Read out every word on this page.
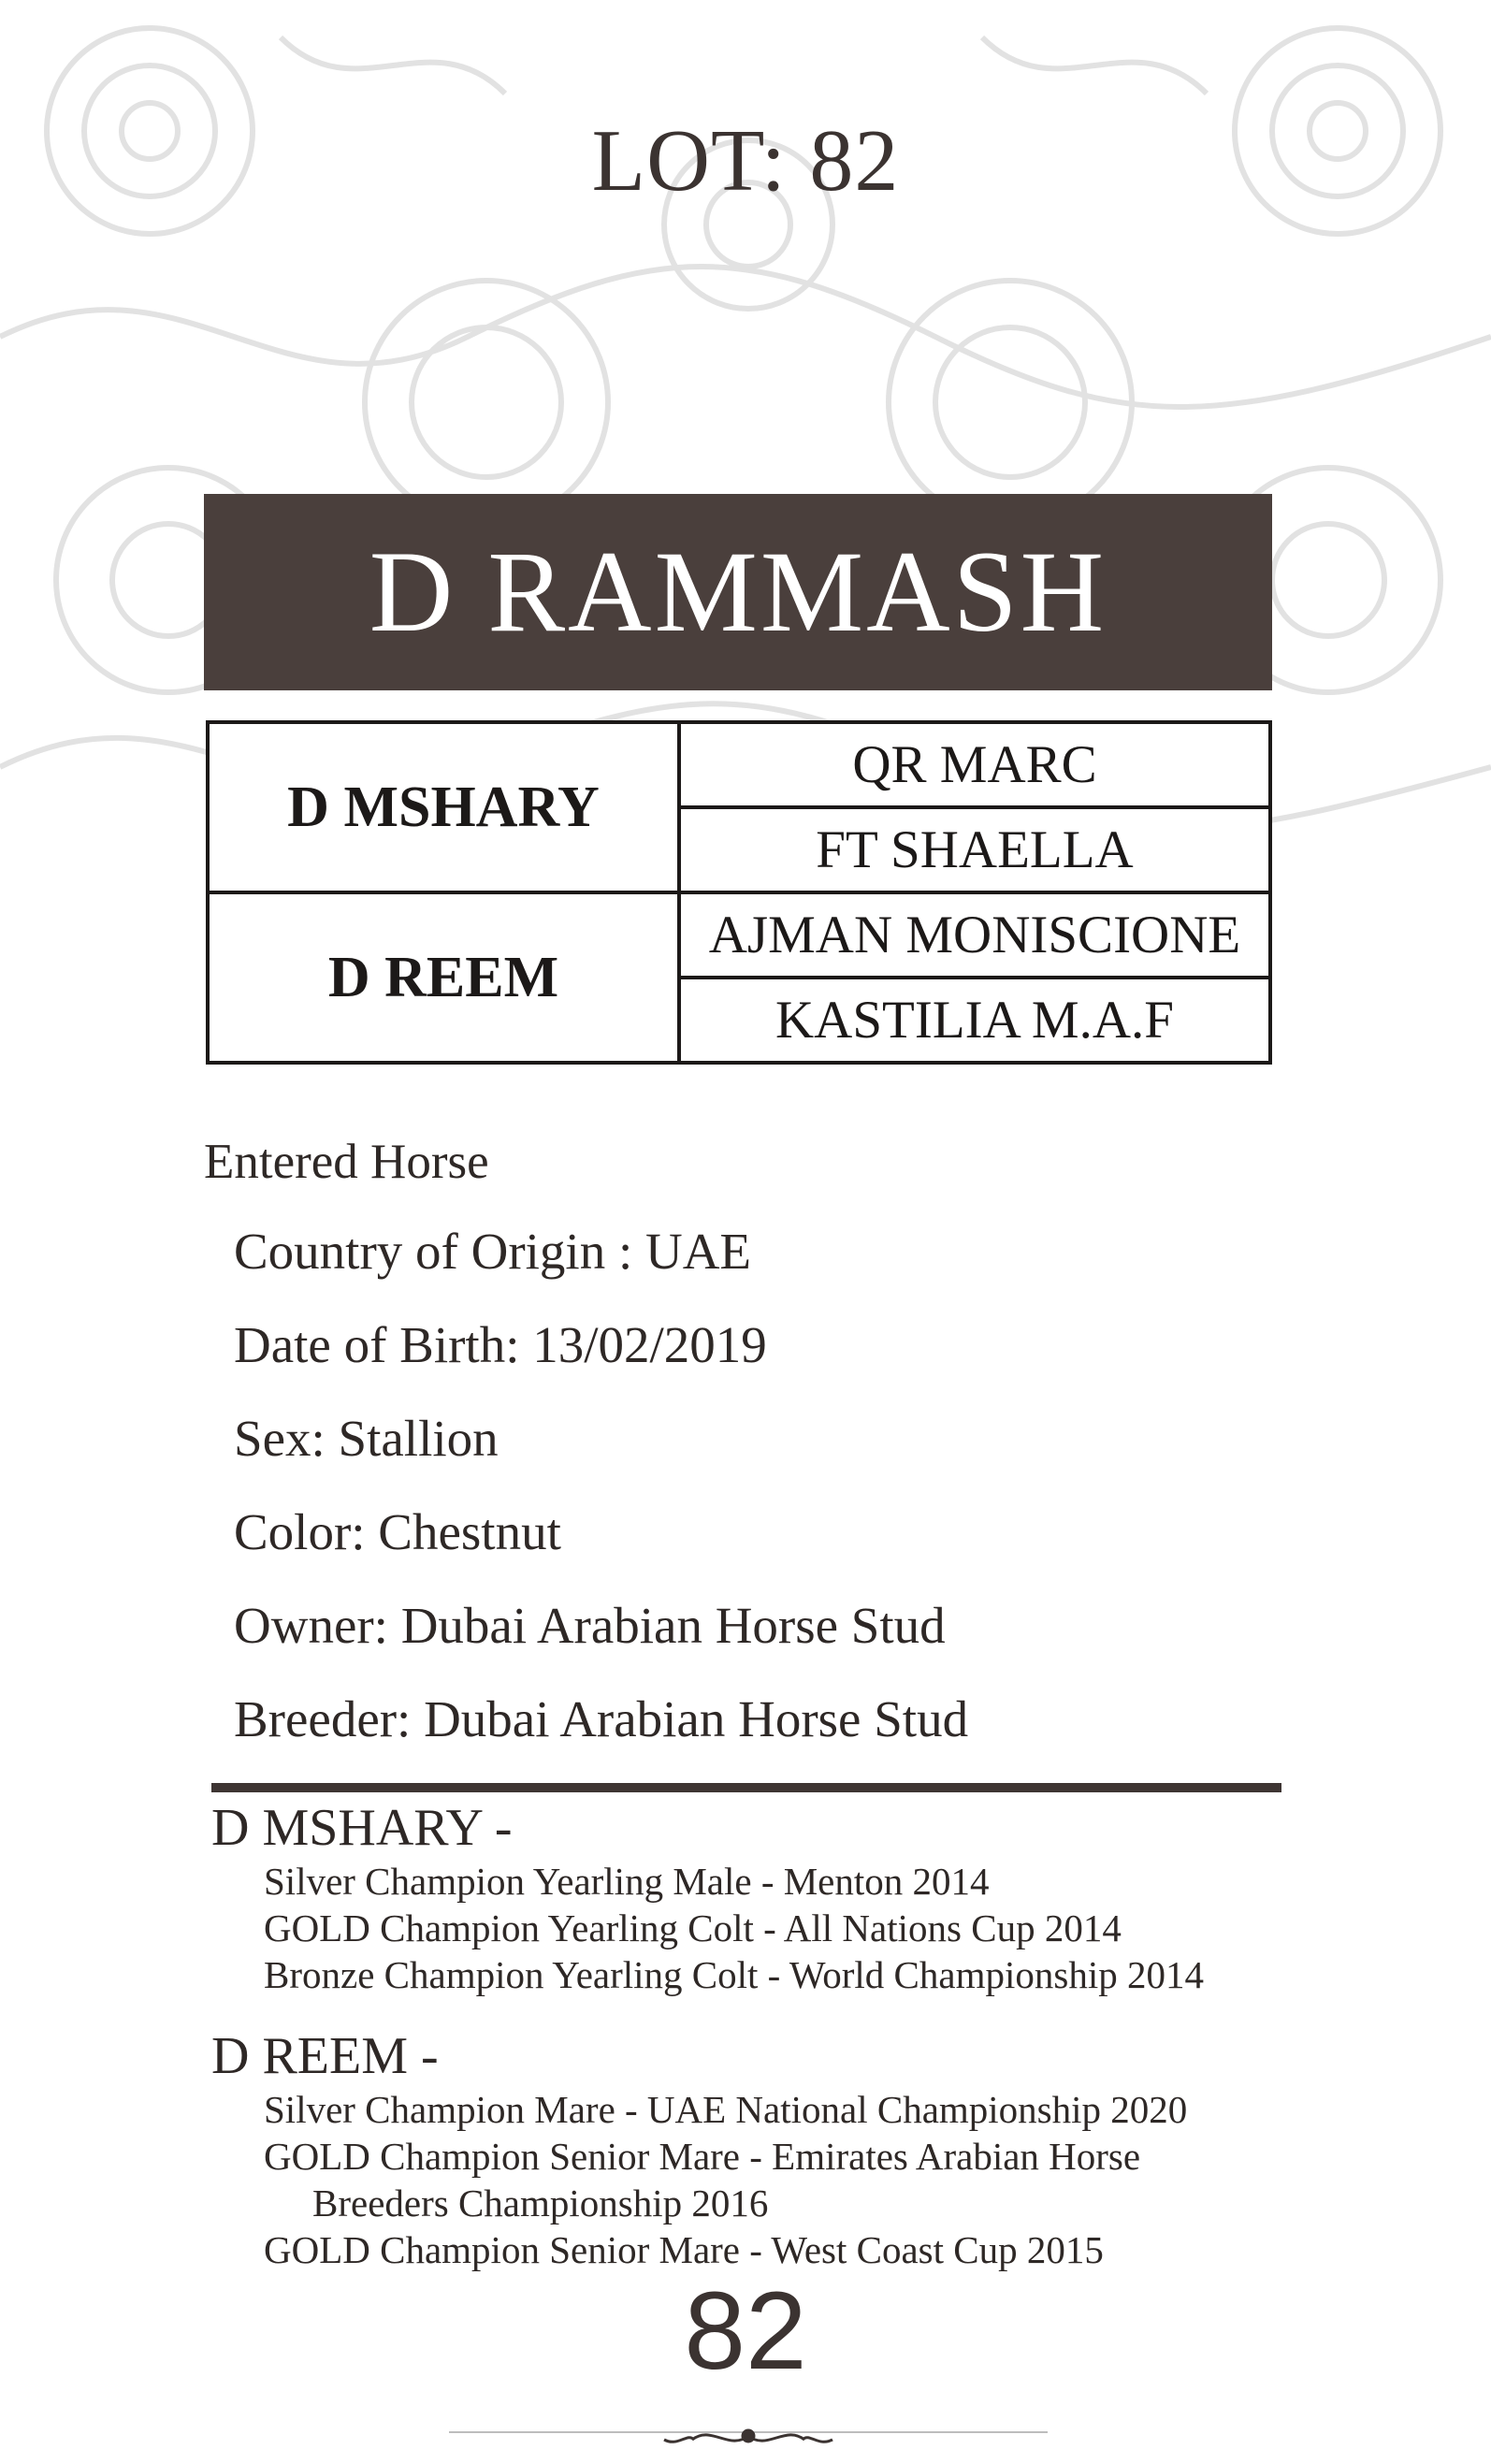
LOT: 82
D RAMMASH
D MSHARY
D REEM
QR MARC
FT SHAELLA
AJMAN MONISCIONE
KASTILIA M.A.F
Entered Horse
Country of Origin : UAE
Date of Birth: 13/02/2019
Sex: Stallion
Color: Chestnut
Owner: Dubai Arabian Horse Stud
Breeder: Dubai Arabian Horse Stud
D MSHARY -
Silver Champion Yearling Male - Menton 2014
GOLD Champion Yearling Colt - All Nations Cup 2014
Bronze Champion Yearling Colt - World Championship 2014
D REEM -
Silver Champion Mare - UAE National Championship 2020
GOLD Champion Senior Mare - Emirates Arabian Horse
Breeders Championship 2016
GOLD Champion Senior Mare - West Coast Cup 2015
82
